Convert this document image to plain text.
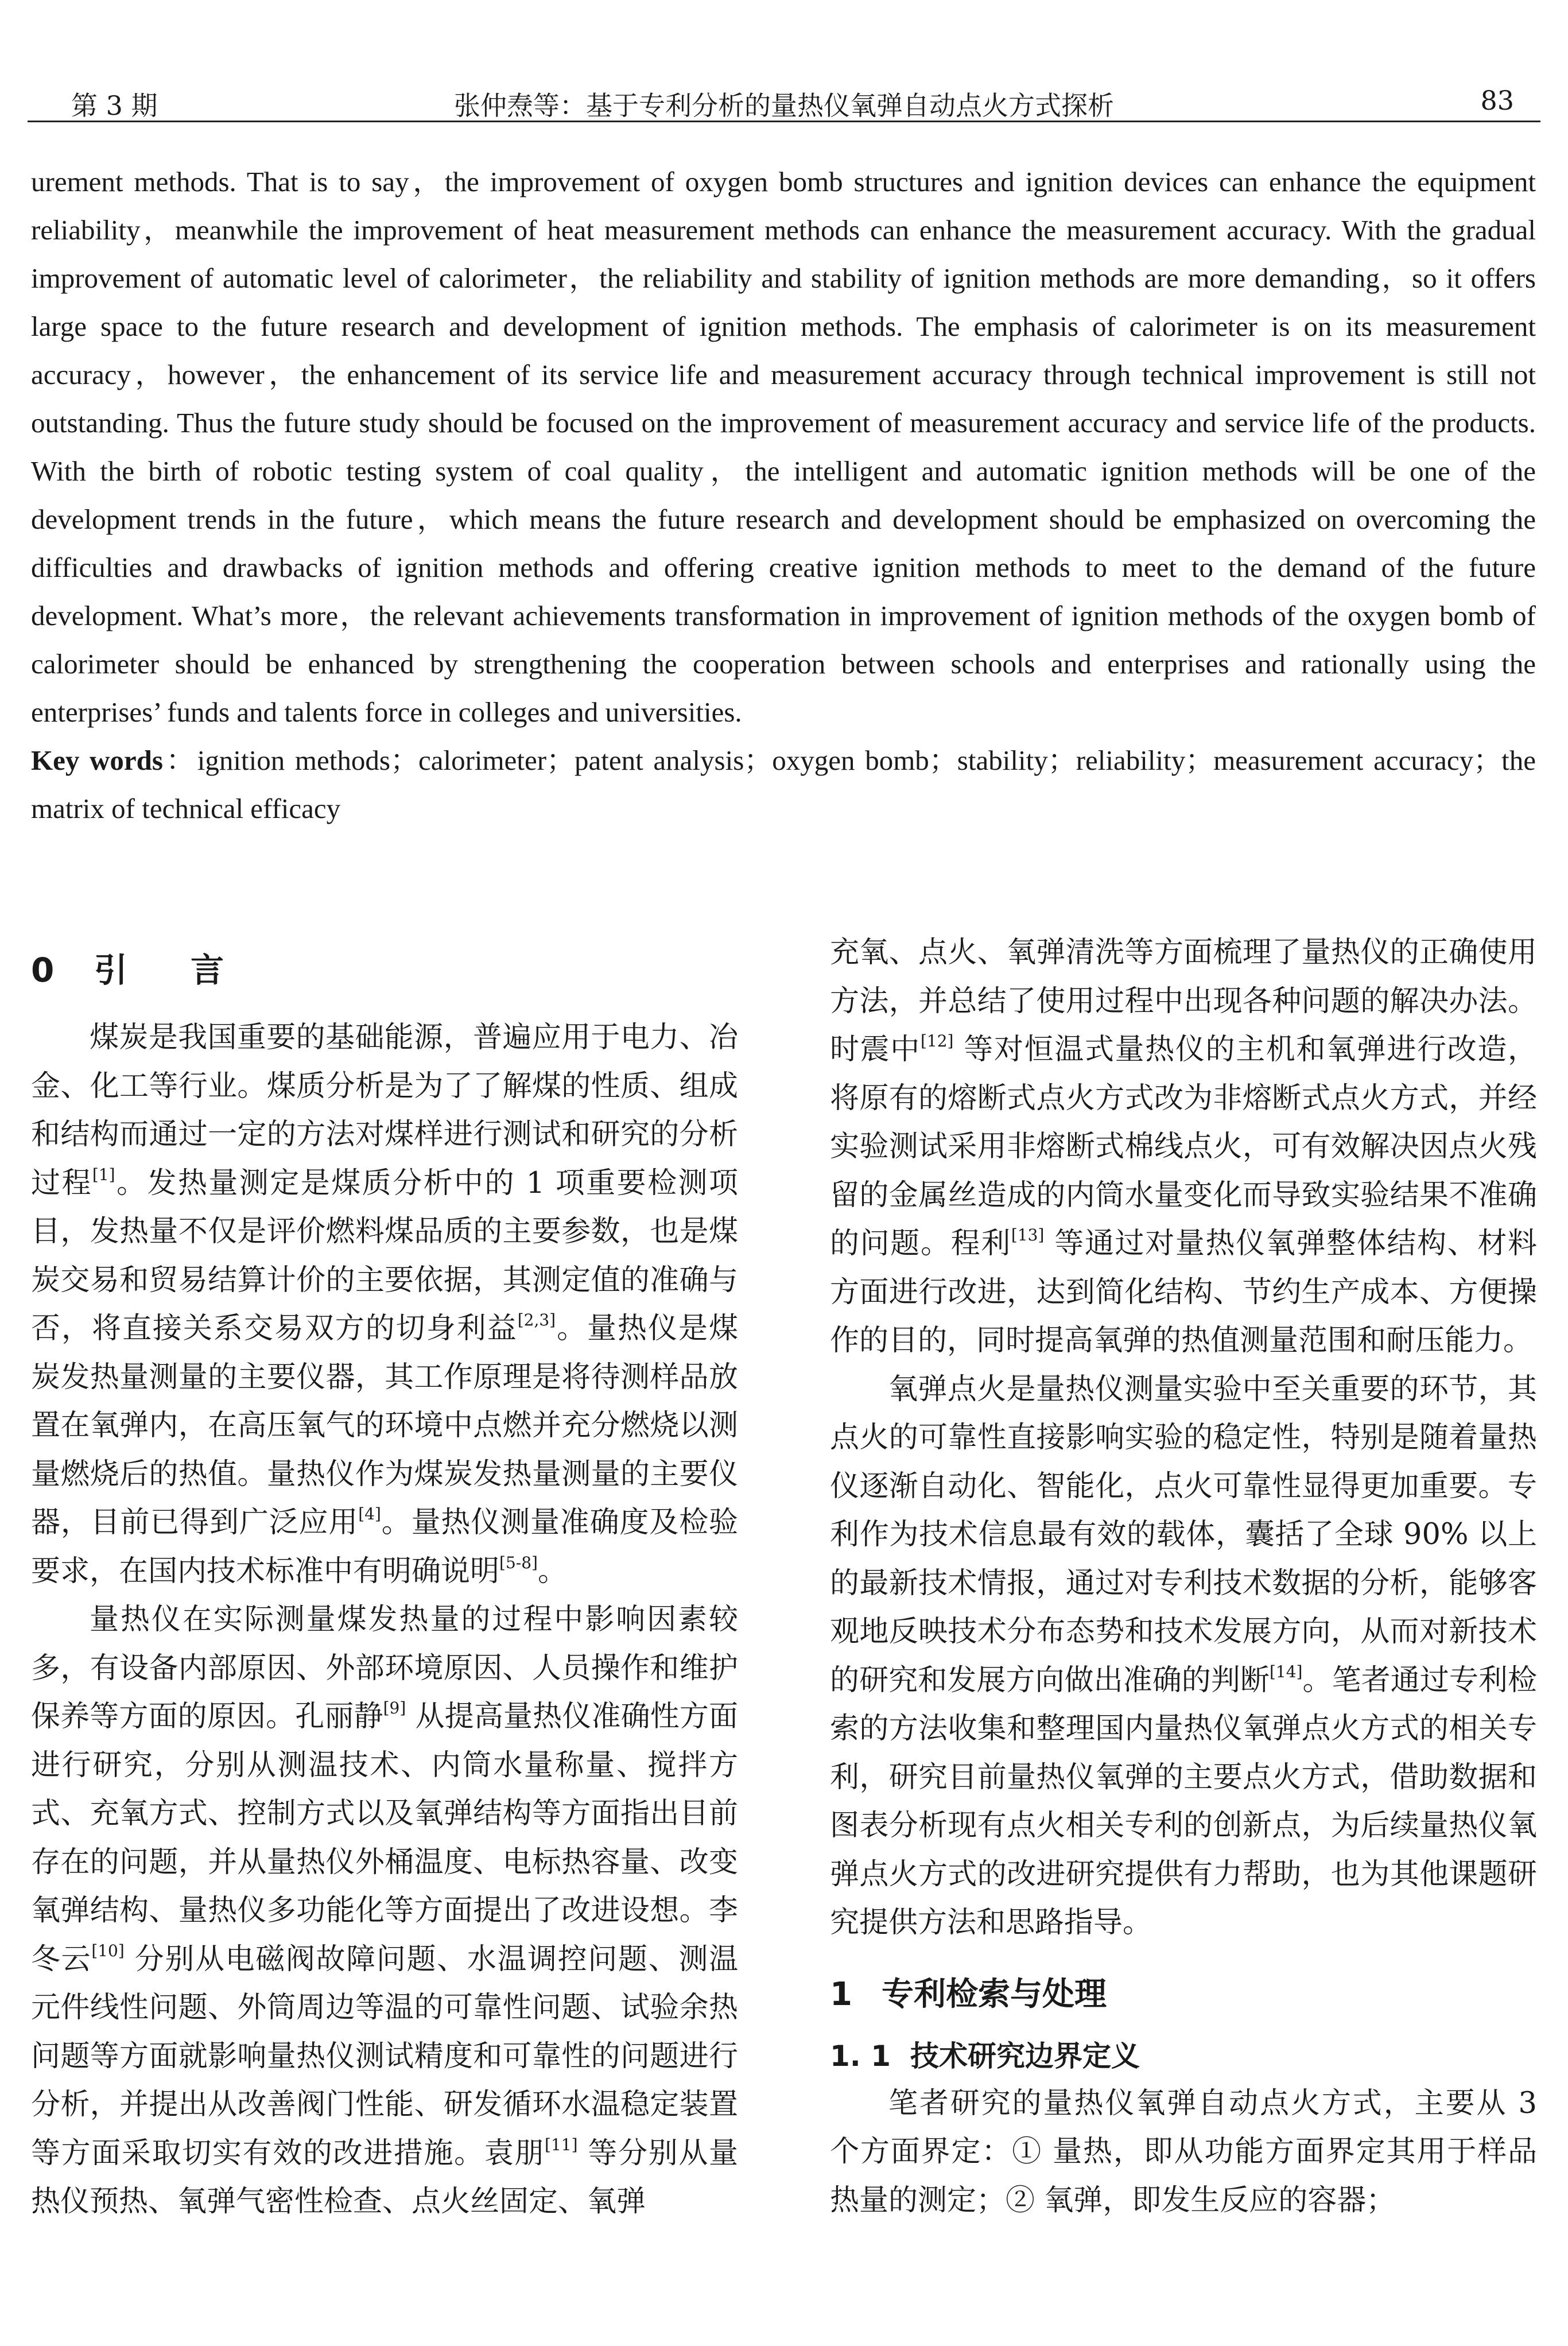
第 3 期	张仲焘等：基于专利分析的量热仪氧弹自动点火方式探析	83

urement methods. That is to say，the improvement of oxygen bomb structures and ignition devices can enhance the equipment reliability，meanwhile the improvement of heat measurement methods can enhance the measurement accuracy. With the gradual improvement of automatic level of calorimeter，the reliability and stability of ignition methods are more demanding，so it offers large space to the future research and development of ignition methods. The emphasis of calorimeter is on its measurement accuracy，however，the enhancement of its service life and measurement accuracy through technical improvement is still not outstanding. Thus the future study should be focused on the improvement of measurement accuracy and service life of the products. With the birth of robotic testing system of coal quality，the intelligent and automatic ignition methods will be one of the development trends in the future，which means the future research and development should be emphasized on overcoming the difficulties and drawbacks of ignition methods and offering creative ignition methods to meet to the demand of the future development. What’s more，the relevant achievements transformation in improvement of ignition methods of the oxygen bomb of calorimeter should be enhanced by strengthening the cooperation between schools and enterprises and rationally using the enterprises’ funds and talents force in colleges and universities.

Key words：ignition methods；calorimeter；patent analysis；oxygen bomb；stability；reliability；measurement accuracy；the matrix of technical efficacy

0 引言

煤炭是我国重要的基础能源，普遍应用于电力、冶金、化工等行业。煤质分析是为了了解煤的性质、组成和结构而通过一定的方法对煤样进行测试和研究的分析过程[1]。发热量测定是煤质分析中的 1 项重要检测项目，发热量不仅是评价燃料煤品质的主要参数，也是煤炭交易和贸易结算计价的主要依据，其测定值的准确与否，将直接关系交易双方的切身利益[2,3]。量热仪是煤炭发热量测量的主要仪器，其工作原理是将待测样品放置在氧弹内，在高压氧气的环境中点燃并充分燃烧以测量燃烧后的热值。量热仪作为煤炭发热量测量的主要仪器，目前已得到广泛应用[4]。量热仪测量准确度及检验要求，在国内技术标准中有明确说明[5-8]。

量热仪在实际测量煤发热量的过程中影响因素较多，有设备内部原因、外部环境原因、人员操作和维护保养等方面的原因。孔丽静[9] 从提高量热仪准确性方面进行研究，分别从测温技术、内筒水量称量、搅拌方式、充氧方式、控制方式以及氧弹结构等方面指出目前存在的问题，并从量热仪外桶温度、电标热容量、改变氧弹结构、量热仪多功能化等方面提出了改进设想。李冬云[10] 分别从电磁阀故障问题、水温调控问题、测温元件线性问题、外筒周边等温的可靠性问题、试验余热问题等方面就影响量热仪测试精度和可靠性的问题进行分析，并提出从改善阀门性能、研发循环水温稳定装置等方面采取切实有效的改进措施。袁朋[11] 等分别从量热仪预热、氧弹气密性检查、点火丝固定、氧弹

充氧、点火、氧弹清洗等方面梳理了量热仪的正确使用方法，并总结了使用过程中出现各种问题的解决办法。时震中[12] 等对恒温式量热仪的主机和氧弹进行改造，将原有的熔断式点火方式改为非熔断式点火方式，并经实验测试采用非熔断式棉线点火，可有效解决因点火残留的金属丝造成的内筒水量变化而导致实验结果不准确的问题。程利[13] 等通过对量热仪氧弹整体结构、材料方面进行改进，达到简化结构、节约生产成本、方便操作的目的，同时提高氧弹的热值测量范围和耐压能力。

氧弹点火是量热仪测量实验中至关重要的环节，其点火的可靠性直接影响实验的稳定性，特别是随着量热仪逐渐自动化、智能化，点火可靠性显得更加重要。专利作为技术信息最有效的载体，囊括了全球 90% 以上的最新技术情报，通过对专利技术数据的分析，能够客观地反映技术分布态势和技术发展方向，从而对新技术的研究和发展方向做出准确的判断[14]。笔者通过专利检索的方法收集和整理国内量热仪氧弹点火方式的相关专利，研究目前量热仪氧弹的主要点火方式，借助数据和图表分析现有点火相关专利的创新点，为后续量热仪氧弹点火方式的改进研究提供有力帮助，也为其他课题研究提供方法和思路指导。

1 专利检索与处理
1. 1 技术研究边界定义

笔者研究的量热仪氧弹自动点火方式，主要从 3 个方面界定：① 量热，即从功能方面界定其用于样品热量的测定；② 氧弹，即发生反应的容器；
